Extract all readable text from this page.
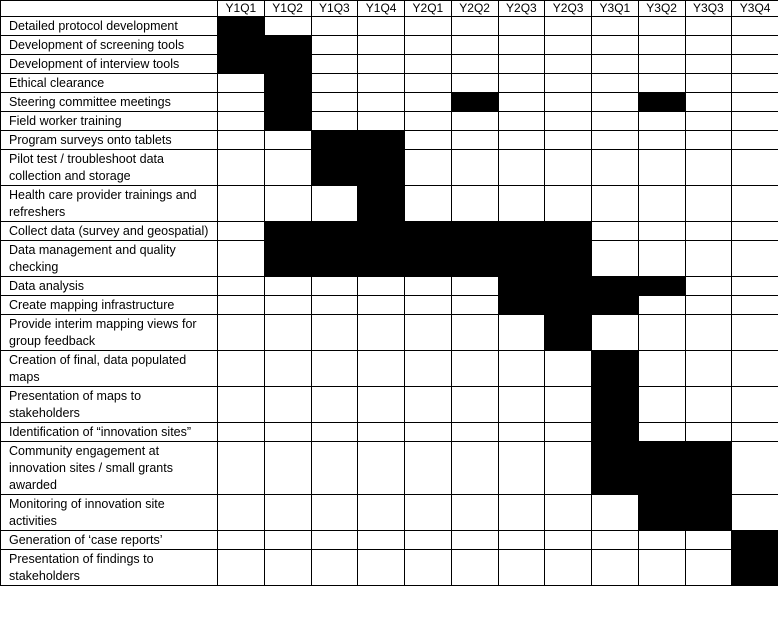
	Y1Q1	Y1Q2	Y1Q3	Y1Q4	Y2Q1	Y2Q2	Y2Q3	Y2Q3	Y3Q1	Y3Q2	Y3Q3	Y3Q4
Detailed protocol development												
Development of screening tools												
Development of interview tools												
Ethical clearance												
Steering committee meetings												
Field worker training												
Program surveys onto tablets												
Pilot test / troubleshoot data collection and storage												
Health care provider trainings and refreshers												
Collect data (survey and geospatial)												
Data management and quality checking												
Data analysis												
Create mapping infrastructure												
Provide interim mapping views for group feedback												
Creation of final, data populated maps												
Presentation of maps to stakeholders												
Identification of “innovation sites”												
Community engagement at innovation sites / small grants awarded												
Monitoring of innovation site activities												
Generation of ‘case reports’												
Presentation of findings to stakeholders												
